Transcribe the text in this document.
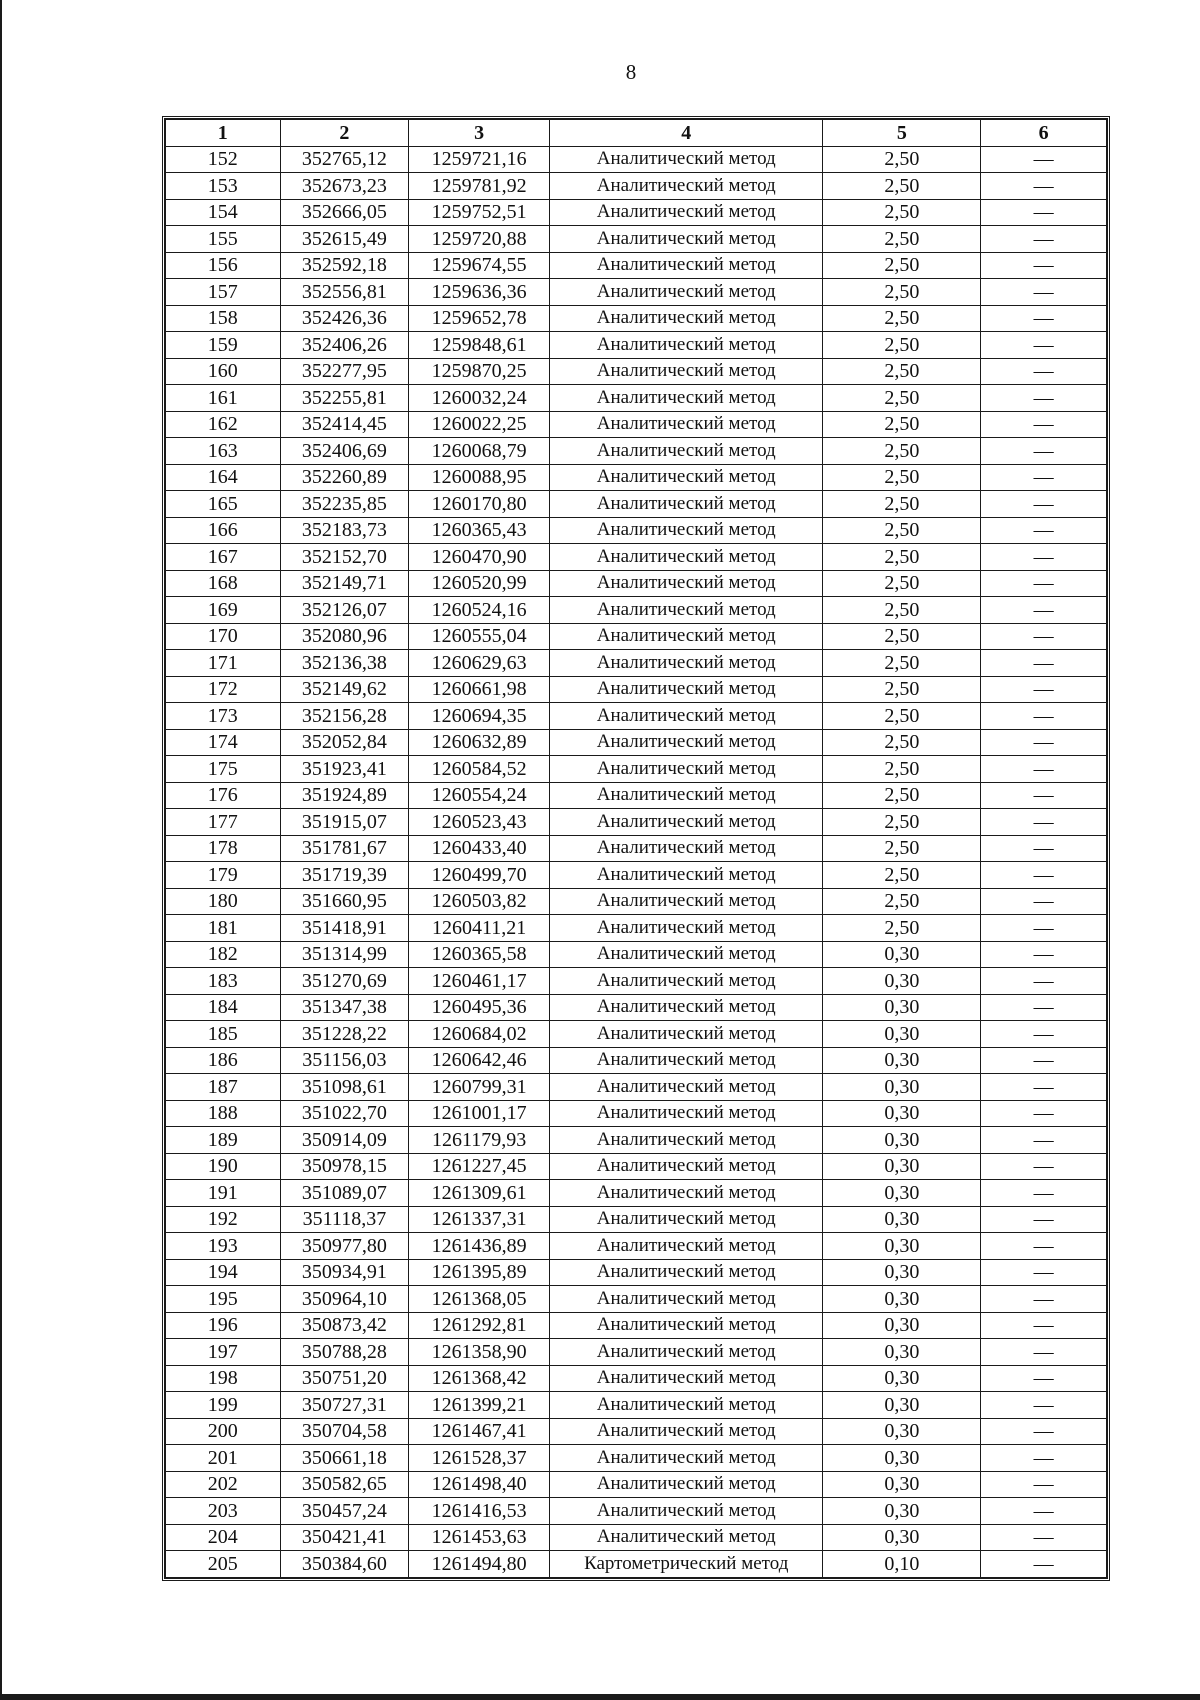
8
1	2	3	4	5	6
152	352765,12	1259721,16	Аналитический метод	2,50	—
153	352673,23	1259781,92	Аналитический метод	2,50	—
154	352666,05	1259752,51	Аналитический метод	2,50	—
155	352615,49	1259720,88	Аналитический метод	2,50	—
156	352592,18	1259674,55	Аналитический метод	2,50	—
157	352556,81	1259636,36	Аналитический метод	2,50	—
158	352426,36	1259652,78	Аналитический метод	2,50	—
159	352406,26	1259848,61	Аналитический метод	2,50	—
160	352277,95	1259870,25	Аналитический метод	2,50	—
161	352255,81	1260032,24	Аналитический метод	2,50	—
162	352414,45	1260022,25	Аналитический метод	2,50	—
163	352406,69	1260068,79	Аналитический метод	2,50	—
164	352260,89	1260088,95	Аналитический метод	2,50	—
165	352235,85	1260170,80	Аналитический метод	2,50	—
166	352183,73	1260365,43	Аналитический метод	2,50	—
167	352152,70	1260470,90	Аналитический метод	2,50	—
168	352149,71	1260520,99	Аналитический метод	2,50	—
169	352126,07	1260524,16	Аналитический метод	2,50	—
170	352080,96	1260555,04	Аналитический метод	2,50	—
171	352136,38	1260629,63	Аналитический метод	2,50	—
172	352149,62	1260661,98	Аналитический метод	2,50	—
173	352156,28	1260694,35	Аналитический метод	2,50	—
174	352052,84	1260632,89	Аналитический метод	2,50	—
175	351923,41	1260584,52	Аналитический метод	2,50	—
176	351924,89	1260554,24	Аналитический метод	2,50	—
177	351915,07	1260523,43	Аналитический метод	2,50	—
178	351781,67	1260433,40	Аналитический метод	2,50	—
179	351719,39	1260499,70	Аналитический метод	2,50	—
180	351660,95	1260503,82	Аналитический метод	2,50	—
181	351418,91	1260411,21	Аналитический метод	2,50	—
182	351314,99	1260365,58	Аналитический метод	0,30	—
183	351270,69	1260461,17	Аналитический метод	0,30	—
184	351347,38	1260495,36	Аналитический метод	0,30	—
185	351228,22	1260684,02	Аналитический метод	0,30	—
186	351156,03	1260642,46	Аналитический метод	0,30	—
187	351098,61	1260799,31	Аналитический метод	0,30	—
188	351022,70	1261001,17	Аналитический метод	0,30	—
189	350914,09	1261179,93	Аналитический метод	0,30	—
190	350978,15	1261227,45	Аналитический метод	0,30	—
191	351089,07	1261309,61	Аналитический метод	0,30	—
192	351118,37	1261337,31	Аналитический метод	0,30	—
193	350977,80	1261436,89	Аналитический метод	0,30	—
194	350934,91	1261395,89	Аналитический метод	0,30	—
195	350964,10	1261368,05	Аналитический метод	0,30	—
196	350873,42	1261292,81	Аналитический метод	0,30	—
197	350788,28	1261358,90	Аналитический метод	0,30	—
198	350751,20	1261368,42	Аналитический метод	0,30	—
199	350727,31	1261399,21	Аналитический метод	0,30	—
200	350704,58	1261467,41	Аналитический метод	0,30	—
201	350661,18	1261528,37	Аналитический метод	0,30	—
202	350582,65	1261498,40	Аналитический метод	0,30	—
203	350457,24	1261416,53	Аналитический метод	0,30	—
204	350421,41	1261453,63	Аналитический метод	0,30	—
205	350384,60	1261494,80	Картометрический метод	0,10	—
